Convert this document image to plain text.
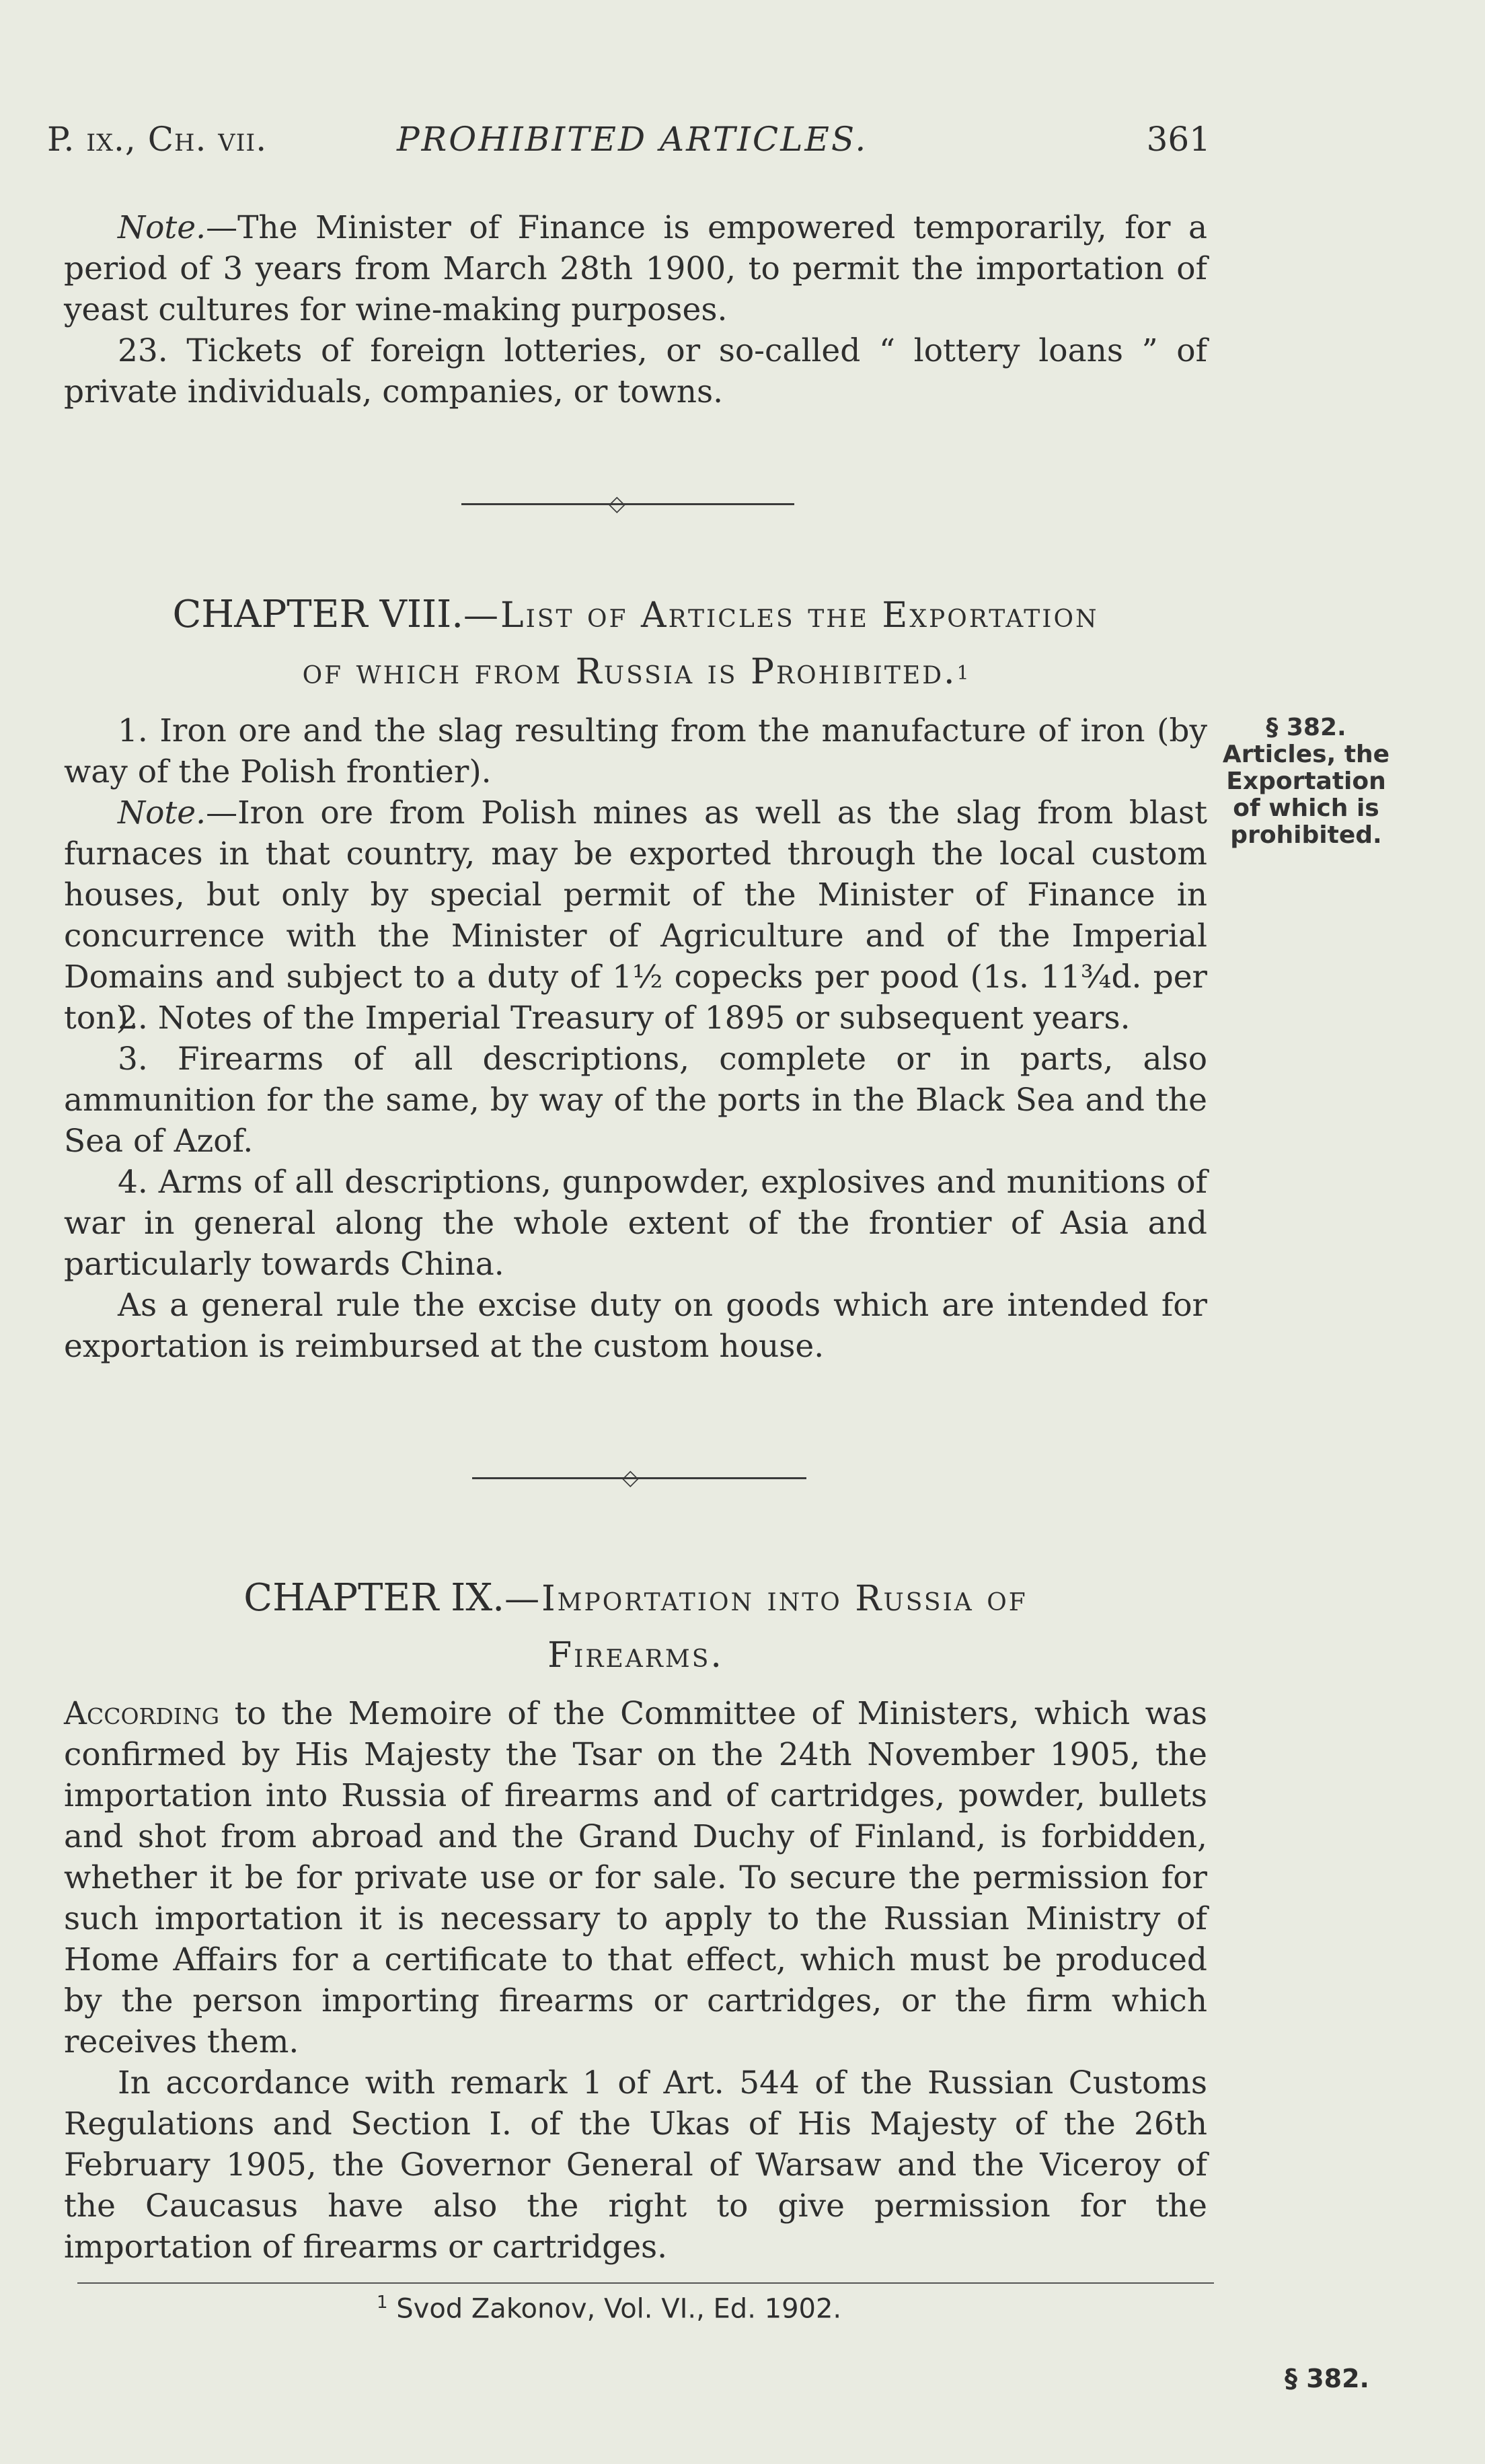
P. ix., Ch. vii.	PROHIBITED ARTICLES.	361
Note.—The Minister of Finance is empowered temporarily, for a period of 3 years from March 28th 1900, to permit the importation of yeast cultures for wine-making purposes.
23. Tickets of foreign lotteries, or so-called “ lottery loans ” of private individuals, companies, or towns.
◇
CHAPTER VIII.—List of Articles the Exportation
of which from Russia is Prohibited.$^1$
§ 382.
Articles, the Exportation of which is prohibited.
1. Iron ore and the slag resulting from the manufacture of iron (by way of the Polish frontier).
Note.—Iron ore from Polish mines as well as the slag from blast furnaces in that country, may be exported through the local custom houses, but only by special permit of the Minister of Finance in concurrence with the Minister of Agriculture and of the Imperial Domains and subject to a duty of 1½ copecks per pood (1s. 11¾d. per ton).
2. Notes of the Imperial Treasury of 1895 or subsequent years.
3. Firearms of all descriptions, complete or in parts, also ammunition for the same, by way of the ports in the Black Sea and the Sea of Azof.
4. Arms of all descriptions, gunpowder, explosives and munitions of war in general along the whole extent of the frontier of Asia and particularly towards China.
As a general rule the excise duty on goods which are intended for exportation is reimbursed at the custom house.
◇
CHAPTER IX.—Importation into Russia of
Firearms.
According to the Memoire of the Committee of Ministers, which was confirmed by His Majesty the Tsar on the 24th November 1905, the importation into Russia of firearms and of cartridges, powder, bullets and shot from abroad and the Grand Duchy of Finland, is forbidden, whether it be for private use or for sale. To secure the permission for such importation it is necessary to apply to the Russian Ministry of Home Affairs for a certificate to that effect, which must be produced by the person importing firearms or cartridges, or the firm which receives them.
In accordance with remark 1 of Art. 544 of the Russian Customs Regulations and Section I. of the Ukas of His Majesty of the 26th February 1905, the Governor General of Warsaw and the Viceroy of the Caucasus have also the right to give permission for the importation of firearms or cartridges.
$^1$ Svod Zakonov, Vol. VI., Ed. 1902.
§ 382.
